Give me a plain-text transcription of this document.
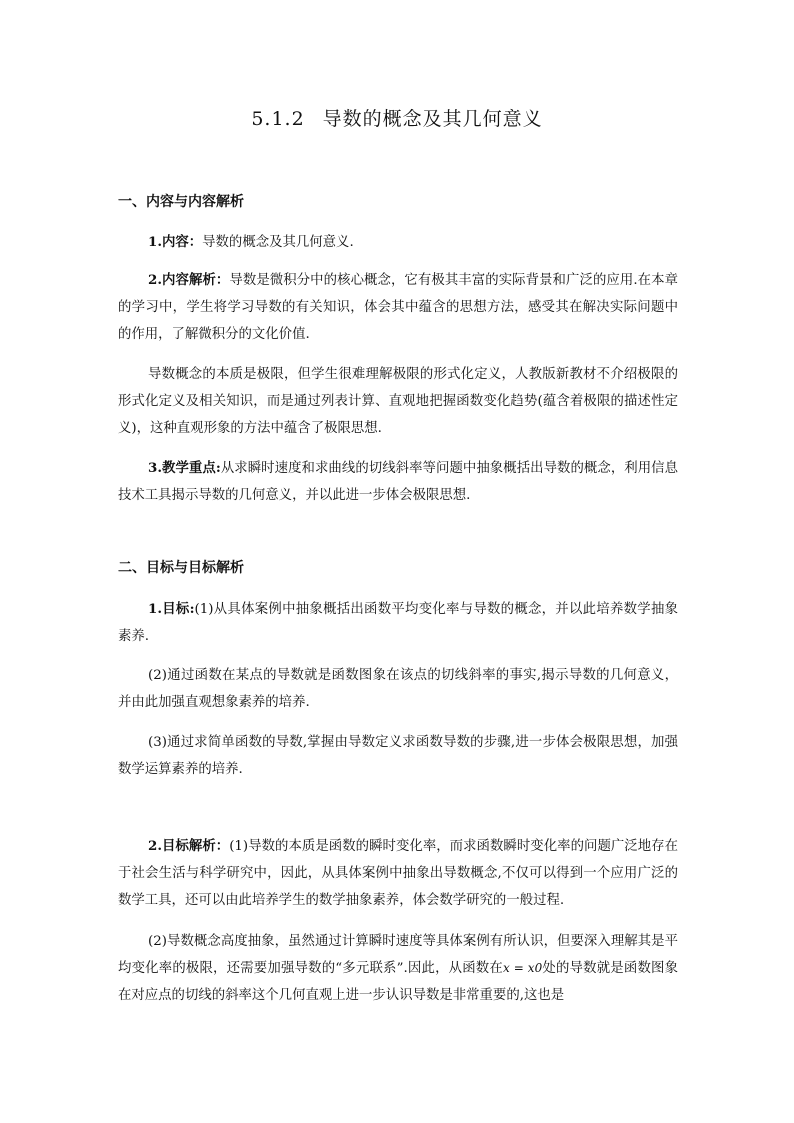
5.1.2 导数的概念及其几何意义
一、内容与内容解析

1.内容：导数的概念及其几何意义.

2.内容解析：导数是微积分中的核心概念，它有极其丰富的实际背景和广泛的应用.在本章的学习中，学生将学习导数的有关知识，体会其中蕴含的思想方法，感受其在解决实际问题中的作用，了解微积分的文化价值.

导数概念的本质是极限，但学生很难理解极限的形式化定义，人教版新教材不介绍极限的形式化定义及相关知识，而是通过列表计算、直观地把握函数变化趋势(蕴含着极限的描述性定义)，这种直观形象的方法中蕴含了极限思想.

3.教学重点:从求瞬时速度和求曲线的切线斜率等问题中抽象概括出导数的概念，利用信息技术工具揭示导数的几何意义，并以此进一步体会极限思想.

二、目标与目标解析

1.目标:(1)从具体案例中抽象概括出函数平均变化率与导数的概念，并以此培养数学抽象素养.

(2)通过函数在某点的导数就是函数图象在该点的切线斜率的事实,揭示导数的几何意义，并由此加强直观想象素养的培养.

(3)通过求简单函数的导数,掌握由导数定义求函数导数的步骤,进一步体会极限思想，加强数学运算素养的培养.

2.目标解析：(1)导数的本质是函数的瞬时变化率，而求函数瞬时变化率的问题广泛地存在于社会生活与科学研究中，因此，从具体案例中抽象出导数概念,不仅可以得到一个应用广泛的数学工具，还可以由此培养学生的数学抽象素养，体会数学研究的一般过程.

(2)导数概念高度抽象，虽然通过计算瞬时速度等具体案例有所认识，但要深入理解其是平均变化率的极限，还需要加强导数的“多元联系”.因此，从函数在x = x0处的导数就是函数图象在对应点的切线的斜率这个几何直观上进一步认识导数是非常重要的,这也是
